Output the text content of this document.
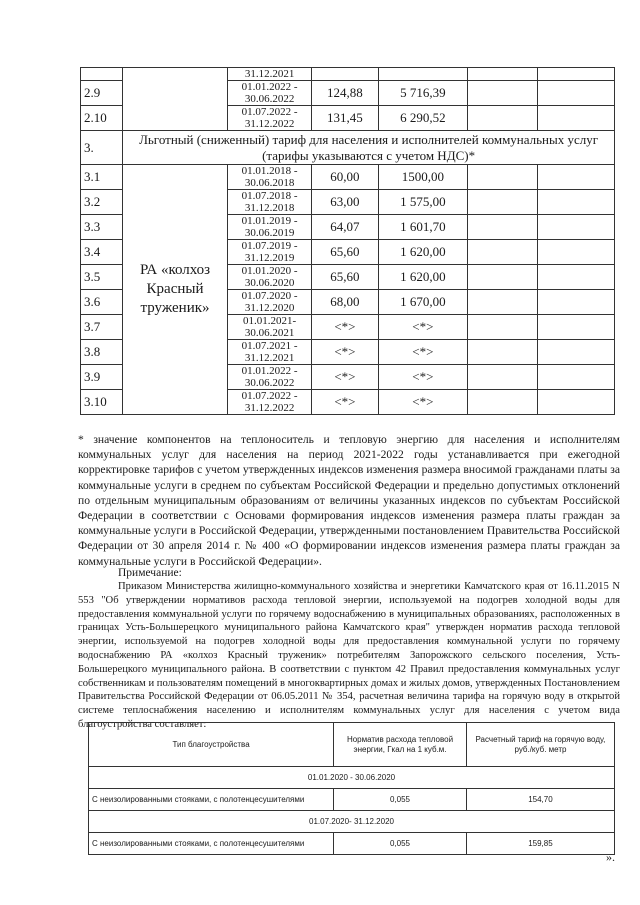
		31.12.2021				
2.9		01.01.2022 - 30.06.2022	124,88	5 716,39		
2.10		01.07.2022 - 31.12.2022	131,45	6 290,52		
3.	Льготный (сниженный) тариф для населения и исполнителей коммунальных услуг (тарифы указываются с учетом НДС)*					
3.1	РА «колхоз Красный труженик»	01.01.2018 - 30.06.2018	60,00	1500,00		
3.2		01.07.2018 - 31.12.2018	63,00	1 575,00		
3.3		01.01.2019 - 30.06.2019	64,07	1 601,70		
3.4		01.07.2019 - 31.12.2019	65,60	1 620,00		
3.5		01.01.2020 - 30.06.2020	65,60	1 620,00		
3.6		01.07.2020 - 31.12.2020	68,00	1 670,00		
3.7		01.01.2021- 30.06.2021	<*>	<*>		
3.8		01.07.2021 - 31.12.2021	<*>	<*>		
3.9		01.01.2022 - 30.06.2022	<*>	<*>		
3.10		01.07.2022 - 31.12.2022	<*>	<*>		
* значение компонентов на теплоноситель и тепловую энергию для населения и исполнителям коммунальных услуг для населения на период 2021-2022 годы устанавливается при ежегодной корректировке тарифов с учетом утвержденных индексов изменения размера вносимой гражданами платы за коммунальные услуги в среднем по субъектам Российской Федерации и предельно допустимых отклонений по отдельным муниципальным образованиям от величины указанных индексов по субъектам Российской Федерации в соответствии с Основами формирования индексов изменения размера платы граждан за коммунальные услуги в Российской Федерации, утвержденными постановлением Правительства Российской Федерации от 30 апреля 2014 г. № 400 «О формировании индексов изменения размера платы граждан за коммунальные услуги в Российской Федерации».
Примечание:
Приказом Министерства жилищно-коммунального хозяйства и энергетики Камчатского края от 16.11.2015 N 553 "Об утверждении нормативов расхода тепловой энергии, используемой на подогрев холодной воды для предоставления коммунальной услуги по горячему водоснабжению в муниципальных образованиях, расположенных в границах Усть-Большерецкого муниципального района Камчатского края" утвержден норматив расхода тепловой энергии, используемой на подогрев холодной воды для предоставления коммунальной услуги по горячему водоснабжению РА «колхоз Красный труженик» потребителям Запорожского сельского поселения, Усть-Большерецкого муниципального района. В соответствии с пунктом 42 Правил предоставления коммунальных услуг собственникам и пользователям помещений в многоквартирных домах и жилых домов, утвержденных Постановлением Правительства Российской Федерации от 06.05.2011 № 354, расчетная величина тарифа на горячую воду в открытой системе теплоснабжения населению и исполнителям коммунальных услуг для населения с учетом вида благоустройства составляет:
Тип благоустройства	Норматив расхода тепловой энергии, Гкал на 1 куб.м.	Расчетный тариф на горячую воду, руб./куб. метр
01.01.2020 - 30.06.2020		
С неизолированными стояками, с полотенцесушителями	0,055	154,70
01.07.2020- 31.12.2020		
С неизолированными стояками, с полотенцесушителями	0,055	159,85
».
